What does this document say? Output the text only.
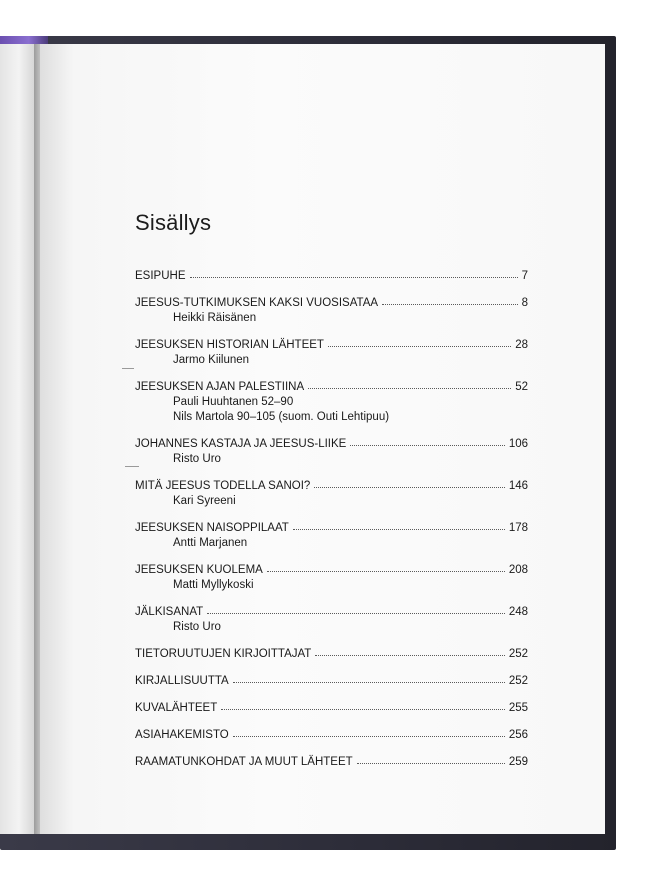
Sisällys
ESIPUHE	7
JEESUS-TUTKIMUKSEN KAKSI VUOSISATAA	8
Heikki Räisänen
JEESUKSEN HISTORIAN LÄHTEET	28
Jarmo Kiilunen
JEESUKSEN AJAN PALESTIINA	52
Pauli Huuhtanen 52–90
Nils Martola 90–105 (suom. Outi Lehtipuu)
JOHANNES KASTAJA JA JEESUS-LIIKE	106
Risto Uro
MITÄ JEESUS TODELLA SANOI?	146
Kari Syreeni
JEESUKSEN NAISOPPILAAT	178
Antti Marjanen
JEESUKSEN KUOLEMA	208
Matti Myllykoski
JÄLKISANAT	248
Risto Uro
TIETORUUTUJEN KIRJOITTAJAT	252
KIRJALLISUUTTA	252
KUVALÄHTEET	255
ASIAHAKEMISTO	256
RAAMATUNKOHDAT JA MUUT LÄHTEET	259
